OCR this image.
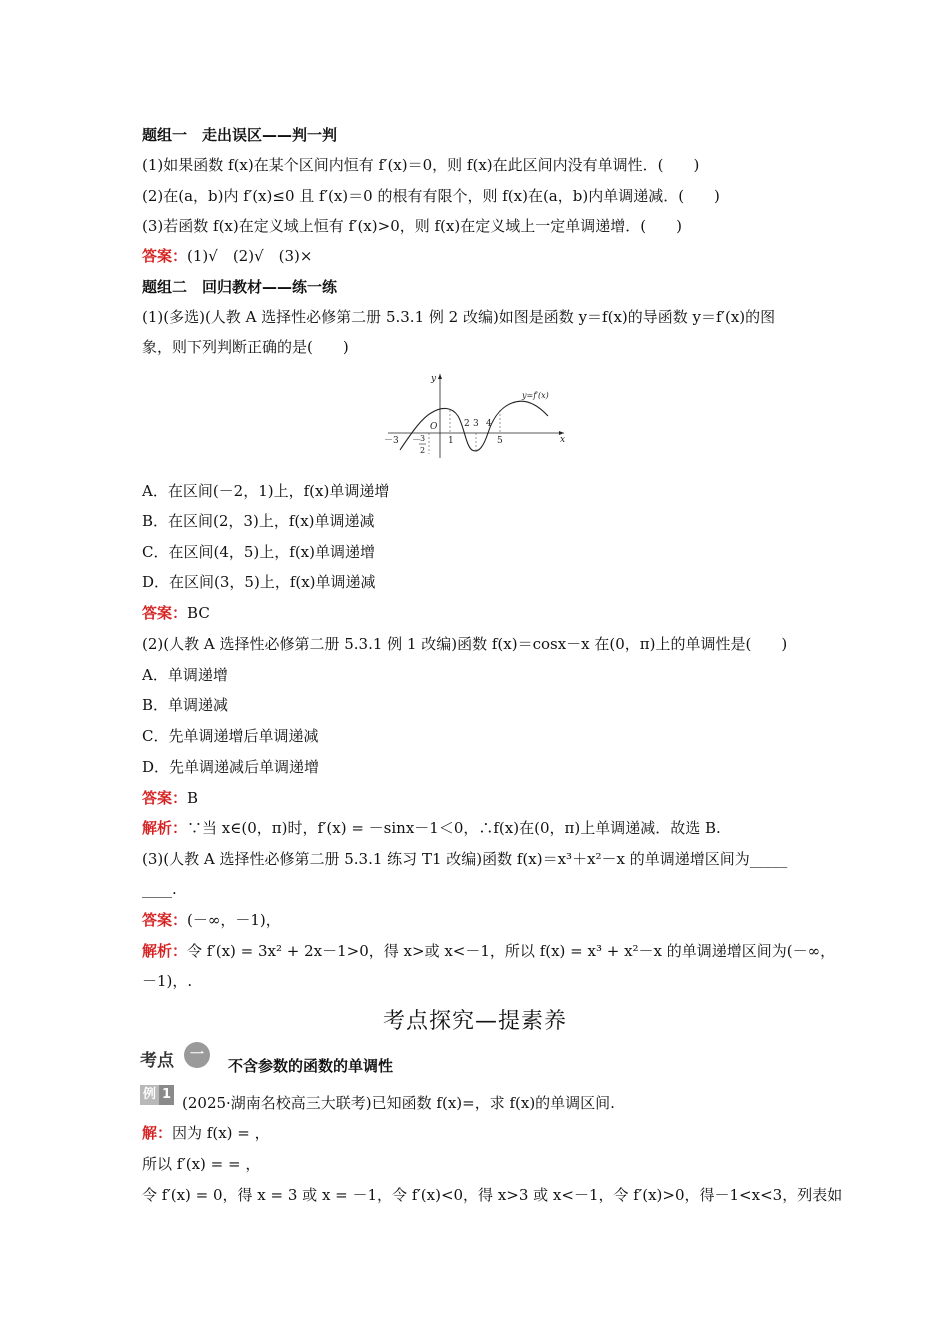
题组一　走出误区——判一判
(1)如果函数 f(x)在某个区间内恒有 f′(x)＝0，则 f(x)在此区间内没有单调性．(　　)
(2)在(a，b)内 f′(x)≤0 且 f′(x)＝0 的根有有限个，则 f(x)在(a，b)内单调递减．(　　)
(3)若函数 f(x)在定义域上恒有 f′(x)>0，则 f(x)在定义域上一定单调递增．(　　)
答案：(1)√　(2)√　(3)×
题组二　回归教材——练一练
(1)(多选)(人教 A 选择性必修第二册 5.3.1 例 2 改编)如图是函数 y＝f(x)的导函数 y＝f′(x)的图
象，则下列判断正确的是(　　)
y
x
O
y=f′(x)
－3 －
3
2
1
2 3 4
5
A．在区间(－2，1)上，f(x)单调递增
B．在区间(2，3)上，f(x)单调递减
C．在区间(4，5)上，f(x)单调递增
D．在区间(3，5)上，f(x)单调递减
答案：BC
(2)(人教 A 选择性必修第二册 5.3.1 例 1 改编)函数 f(x)＝cosx－x 在(0，π)上的单调性是(　　)
A．单调递增
B．单调递减
C．先单调递增后单调递减
D．先单调递减后单调递增
答案：B
解析：∵当 x∈(0，π)时，f′(x) = －sinx－1＜0，∴f(x)在(0，π)上单调递减．故选 B.
(3)(人教 A 选择性必修第二册 5.3.1 练习 T1 改编)函数 f(x)＝x³＋x²－x 的单调递增区间为_____
____.
答案：(－∞，－1)，
解析：令 f′(x) = 3x² + 2x－1>0，得 x>或 x<－1，所以 f(x) = x³ + x²－x 的单调递增区间为(－∞，
－1)，.
考点探究—提素养
考点	一
不含参数的函数的单调性
例 1 (2025·湖南名校高三大联考)已知函数 f(x)=，求 f(x)的单调区间.
解：因为 f(x) = ，
所以 f′(x) = = ，
令 f′(x) = 0，得 x = 3 或 x = －1，令 f′(x)<0，得 x>3 或 x<－1，令 f′(x)>0，得－1<x<3，列表如
